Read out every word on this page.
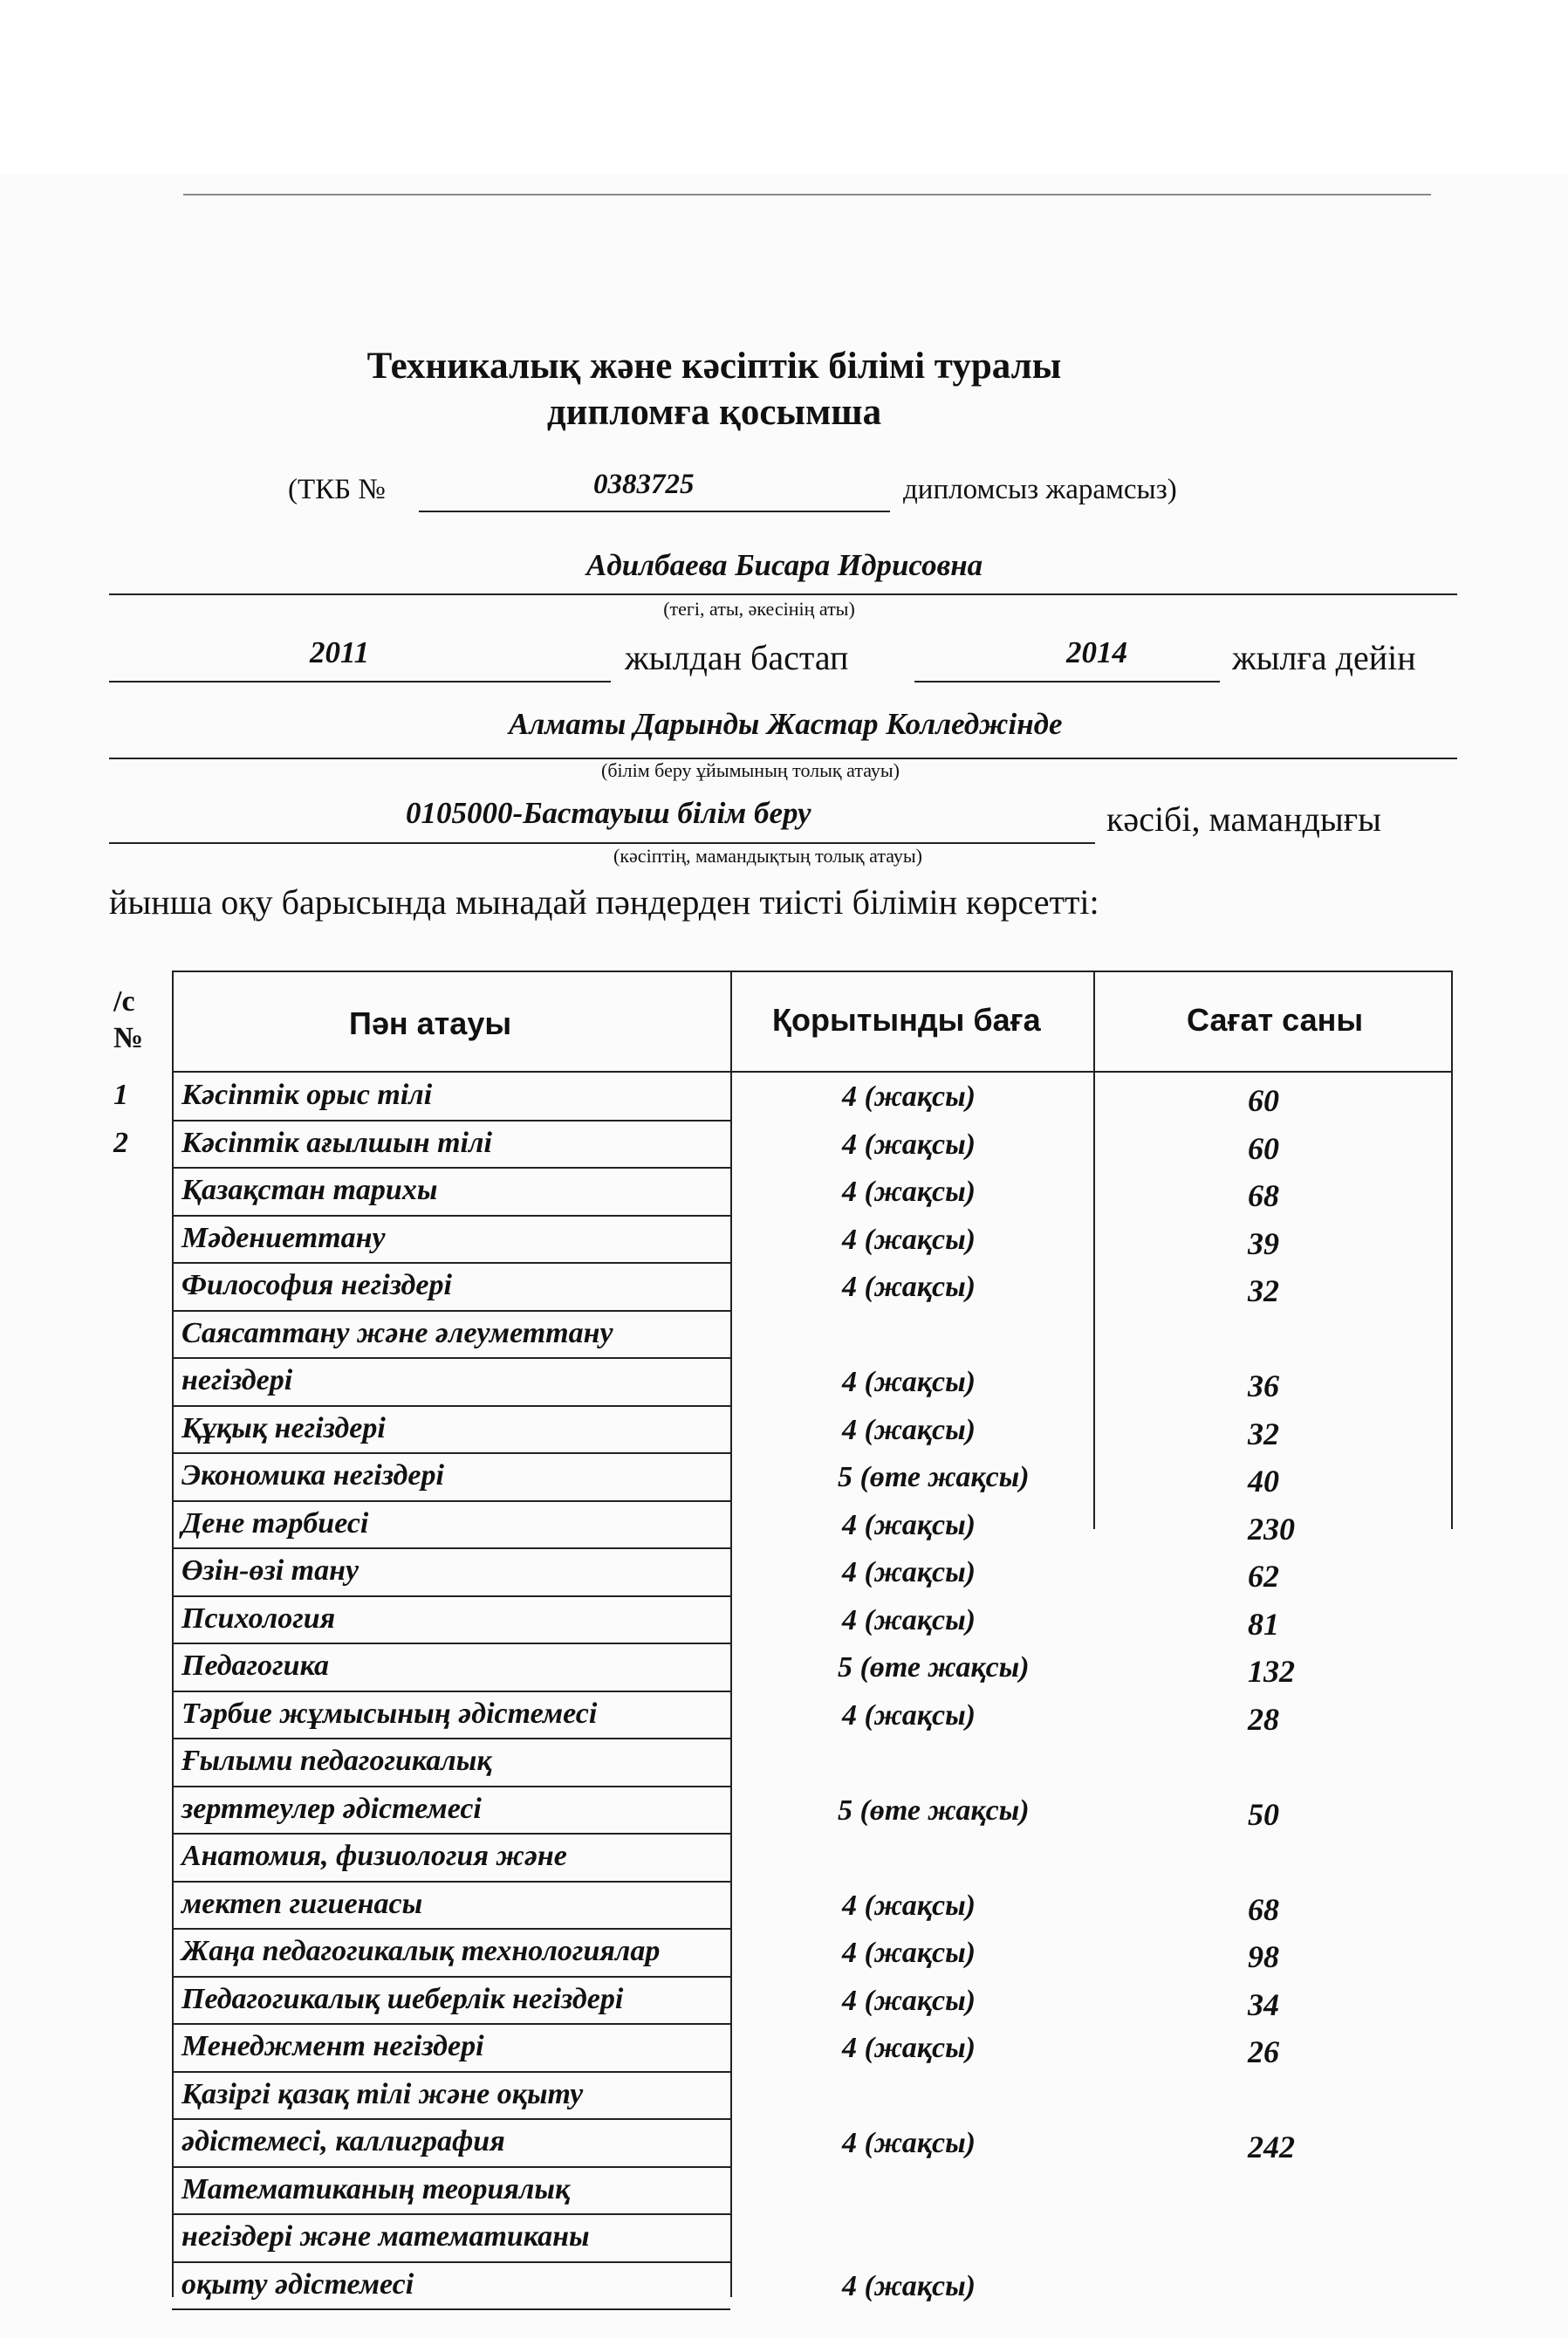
Техникалық және кәсіптік білімі туралы
дипломға қосымша
(ТКБ №	0383725	дипломсыз жарамсыз)
Адилбаева Бисара Идрисовна
(тегі, аты, әкесінің аты)
2011	жылдан бастап	2014	жылға дейін
Алматы Дарынды Жастар Колледжінде
(білім беру ұйымының толық атауы)
0105000-Бастауыш білім беру	кәсібі, мамандығы
(кәсіптің, мамандықтың толық атауы)
йынша оқу барысында мынадай пәндерден тиісті білімін көрсетті:
/с
№	Пән атауы	Қорытынды баға	Сағат саны
1 Кәсіптік орыс тілі	4 (жақсы)	60
2 Кәсіптік ағылшын тілі	4 (жақсы)	60
Қазақстан тарихы	4 (жақсы)	68
Мәдениеттану	4 (жақсы)	39
Философия негіздері	4 (жақсы)	32
Саясаттану және әлеуметтану
негіздері	4 (жақсы)	36
Құқық негіздері	4 (жақсы)	32
Экономика негіздері	5 (өте жақсы)	40
Дене тәрбиесі	4 (жақсы)	230
Өзін-өзі тану	4 (жақсы)	62
Психология	4 (жақсы)	81
Педагогика	5 (өте жақсы)	132
Тәрбие жұмысының әдістемесі	4 (жақсы)	28
Ғылыми педагогикалық
зерттеулер әдістемесі	5 (өте жақсы)	50
Анатомия, физиология және
мектеп гигиенасы	4 (жақсы)	68
Жаңа педагогикалық технологиялар	4 (жақсы)	98
Педагогикалық шеберлік негіздері	4 (жақсы)	34
Менеджмент негіздері	4 (жақсы)	26
Қазіргі қазақ тілі және оқыту
әдістемесі, каллиграфия	4 (жақсы)	242
Математиканың теориялық
негіздері және математиканы
оқыту әдістемесі	4 (жақсы)
